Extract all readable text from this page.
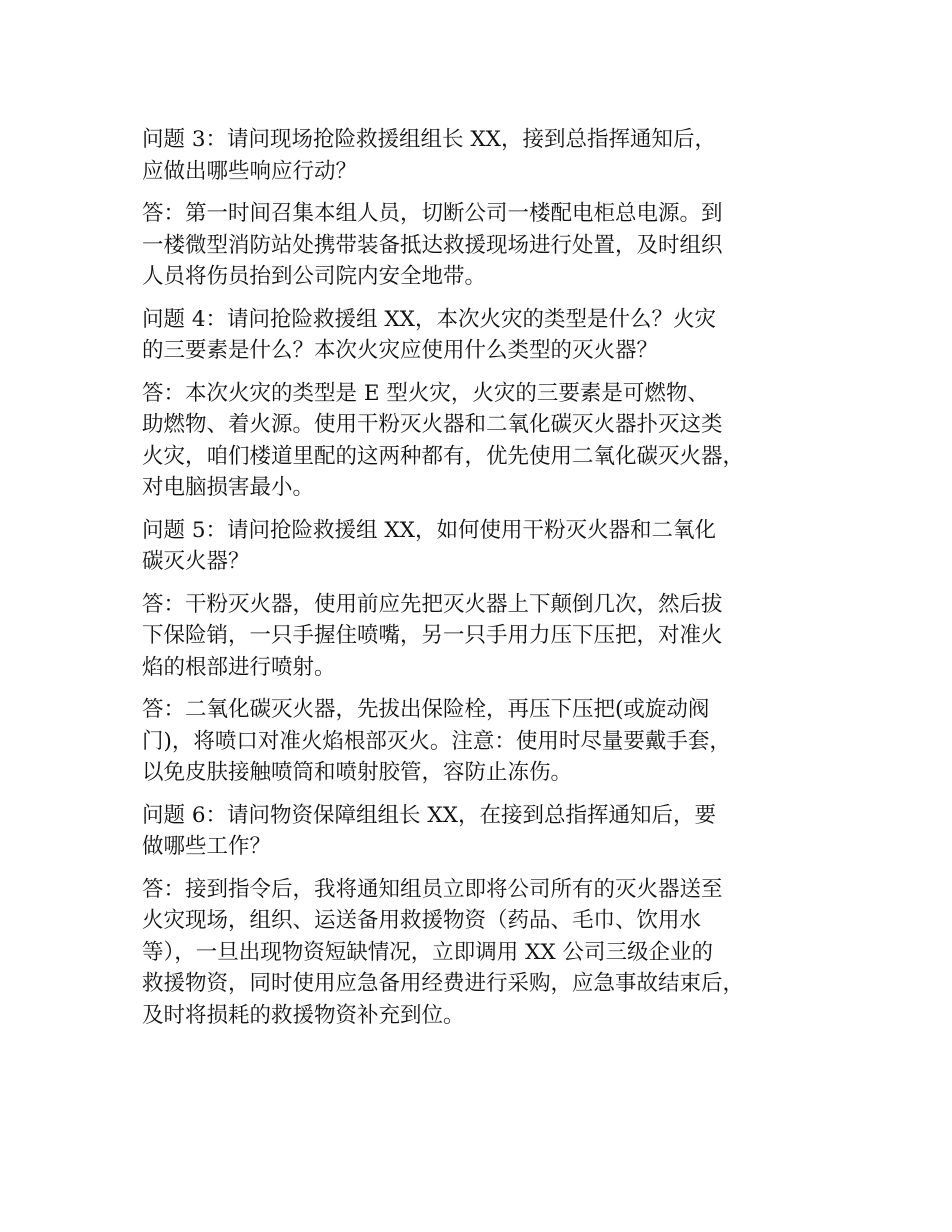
问题 3：请问现场抢险救援组组长 XX，接到总指挥通知后，
应做出哪些响应行动？

答：第一时间召集本组人员，切断公司一楼配电柜总电源。到
一楼微型消防站处携带装备抵达救援现场进行处置，及时组织
人员将伤员抬到公司院内安全地带。

问题 4：请问抢险救援组 XX，本次火灾的类型是什么？火灾
的三要素是什么？本次火灾应使用什么类型的灭火器？

答：本次火灾的类型是 E 型火灾，火灾的三要素是可燃物、
助燃物、着火源。使用干粉灭火器和二氧化碳灭火器扑灭这类
火灾，咱们楼道里配的这两种都有，优先使用二氧化碳灭火器，
对电脑损害最小。

问题 5：请问抢险救援组 XX，如何使用干粉灭火器和二氧化
碳灭火器？

答：干粉灭火器，使用前应先把灭火器上下颠倒几次，然后拔
下保险销，一只手握住喷嘴，另一只手用力压下压把，对准火
焰的根部进行喷射。

答：二氧化碳灭火器，先拔出保险栓，再压下压把(或旋动阀
门)，将喷口对准火焰根部灭火。注意：使用时尽量要戴手套，
以免皮肤接触喷筒和喷射胶管，容防止冻伤。

问题 6：请问物资保障组组长 XX，在接到总指挥通知后，要
做哪些工作？

答：接到指令后，我将通知组员立即将公司所有的灭火器送至
火灾现场，组织、运送备用救援物资（药品、毛巾、饮用水
等），一旦出现物资短缺情况，立即调用 XX 公司三级企业的
救援物资，同时使用应急备用经费进行采购，应急事故结束后，
及时将损耗的救援物资补充到位。
